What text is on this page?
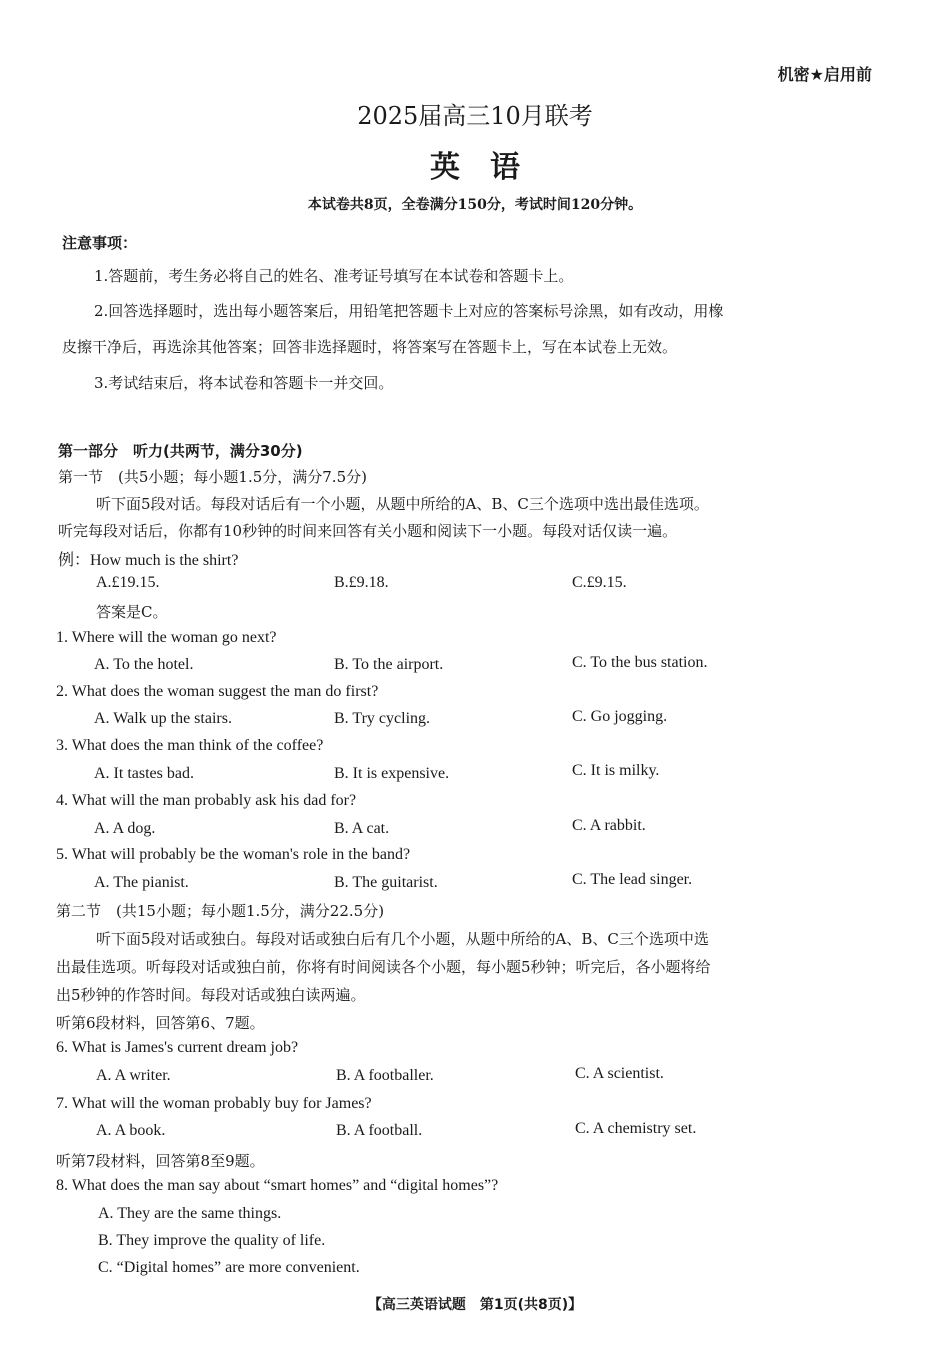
机密★启用前
2025届高三10月联考
英语
本试卷共8页，全卷满分150分，考试时间120分钟。
注意事项：
1.答题前，考生务必将自己的姓名、准考证号填写在本试卷和答题卡上。
2.回答选择题时，选出每小题答案后，用铅笔把答题卡上对应的答案标号涂黑，如有改动，用橡
皮擦干净后，再选涂其他答案；回答非选择题时，将答案写在答题卡上，写在本试卷上无效。
3.考试结束后，将本试卷和答题卡一并交回。
第一部分　听力(共两节，满分30分)
第一节　(共5小题；每小题1.5分，满分7.5分)
听下面5段对话。每段对话后有一个小题，从题中所给的A、B、C三个选项中选出最佳选项。
听完每段对话后，你都有10秒钟的时间来回答有关小题和阅读下一小题。每段对话仅读一遍。
例：How much is the shirt?
A.£19.15.	B.£9.18.	C.£9.15.
答案是C。
1. Where will the woman go next?
A. To the hotel.	B. To the airport.	C. To the bus station.
2. What does the woman suggest the man do first?
A. Walk up the stairs.	B. Try cycling.	C. Go jogging.
3. What does the man think of the coffee?
A. It tastes bad.	B. It is expensive.	C. It is milky.
4. What will the man probably ask his dad for?
A. A dog.	B. A cat.	C. A rabbit.
5. What will probably be the woman's role in the band?
A. The pianist.	B. The guitarist.	C. The lead singer.
第二节　(共15小题；每小题1.5分，满分22.5分)
听下面5段对话或独白。每段对话或独白后有几个小题，从题中所给的A、B、C三个选项中选
出最佳选项。听每段对话或独白前，你将有时间阅读各个小题，每小题5秒钟；听完后，各小题将给
出5秒钟的作答时间。每段对话或独白读两遍。
听第6段材料，回答第6、7题。
6. What is James's current dream job?
A. A writer.	B. A footballer.	C. A scientist.
7. What will the woman probably buy for James?
A. A book.	B. A football.	C. A chemistry set.
听第7段材料，回答第8至9题。
8. What does the man say about “smart homes” and “digital homes”?
A. They are the same things.
B. They improve the quality of life.
C. “Digital homes” are more convenient.
【高三英语试题　第1页(共8页)】
